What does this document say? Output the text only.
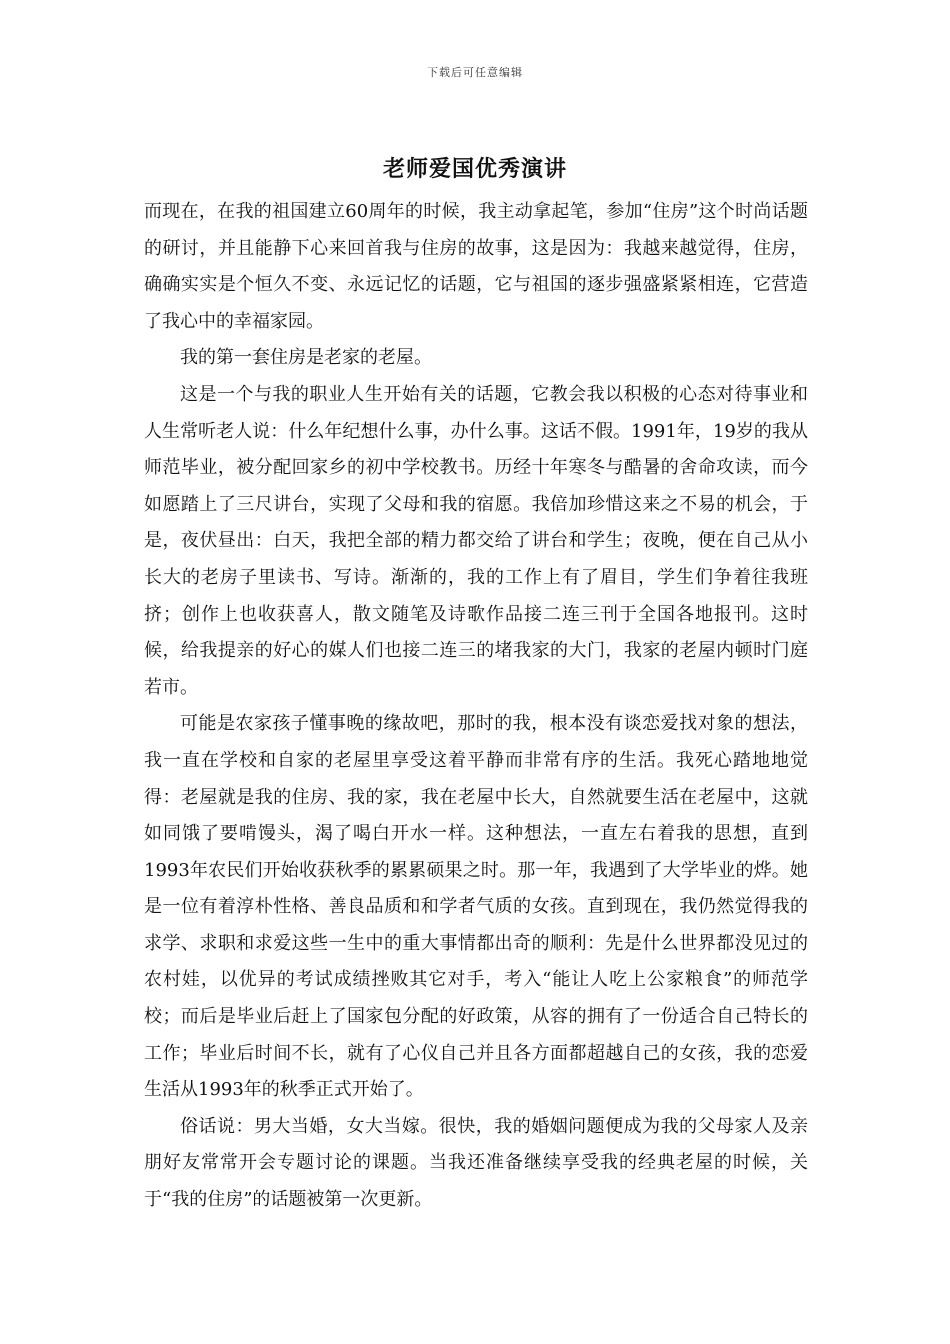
下载后可任意编辑
老师爱国优秀演讲

而现在，在我的祖国建立60周年的时候，我主动拿起笔，参加“住房”这个时尚话题的研讨，并且能静下心来回首我与住房的故事，这是因为：我越来越觉得，住房，确确实实是个恒久不变、永远记忆的话题，它与祖国的逐步强盛紧紧相连，它营造了我心中的幸福家园。

我的第一套住房是老家的老屋。

这是一个与我的职业人生开始有关的话题，它教会我以积极的心态对待事业和人生常听老人说：什么年纪想什么事，办什么事。这话不假。1991年，19岁的我从师范毕业，被分配回家乡的初中学校教书。历经十年寒冬与酷暑的舍命攻读，而今如愿踏上了三尺讲台，实现了父母和我的宿愿。我倍加珍惜这来之不易的机会，于是，夜伏昼出：白天，我把全部的精力都交给了讲台和学生；夜晚，便在自己从小长大的老房子里读书、写诗。渐渐的，我的工作上有了眉目，学生们争着往我班挤；创作上也收获喜人，散文随笔及诗歌作品接二连三刊于全国各地报刊。这时候，给我提亲的好心的媒人们也接二连三的堵我家的大门，我家的老屋内顿时门庭若市。

可能是农家孩子懂事晚的缘故吧，那时的我，根本没有谈恋爱找对象的想法，我一直在学校和自家的老屋里享受这着平静而非常有序的生活。我死心踏地地觉得：老屋就是我的住房、我的家，我在老屋中长大，自然就要生活在老屋中，这就如同饿了要啃馒头，渴了喝白开水一样。这种想法，一直左右着我的思想，直到1993年农民们开始收获秋季的累累硕果之时。那一年，我遇到了大学毕业的烨。她是一位有着淳朴性格、善良品质和和学者气质的女孩。直到现在，我仍然觉得我的求学、求职和求爱这些一生中的重大事情都出奇的顺利：先是什么世界都没见过的农村娃，以优异的考试成绩挫败其它对手，考入“能让人吃上公家粮食”的师范学校；而后是毕业后赶上了国家包分配的好政策，从容的拥有了一份适合自己特长的工作；毕业后时间不长，就有了心仪自己并且各方面都超越自己的女孩，我的恋爱生活从1993年的秋季正式开始了。

俗话说：男大当婚，女大当嫁。很快，我的婚姻问题便成为我的父母家人及亲朋好友常常开会专题讨论的课题。当我还准备继续享受我的经典老屋的时候，关于“我的住房”的话题被第一次更新。
